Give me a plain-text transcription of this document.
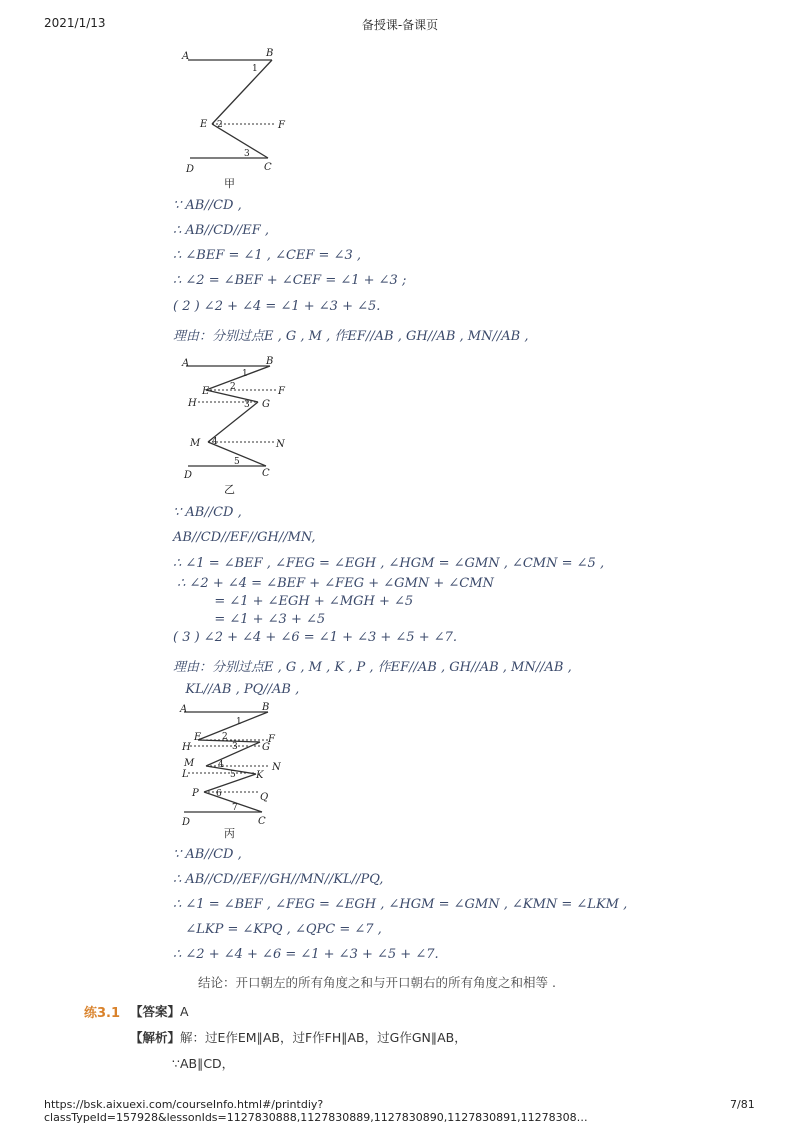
2021/1/13	备授课-备课页
A	B
E	F
D	C
1
2
3
甲
∵ AB//CD ,
∴ AB//CD//EF ,
∴ ∠BEF = ∠1 , ∠CEF = ∠3 ,
∴ ∠2 = ∠BEF + ∠CEF = ∠1 + ∠3 ;
( 2 ) ∠2 + ∠4 = ∠1 + ∠3 + ∠5.
理由：分别过点E , G , M , 作EF//AB , GH//AB , MN//AB ,
A	B
E	F
H	G
M	N
D	C
1
2
3
4
5
乙
∵ AB//CD ,
AB//CD//EF//GH//MN,
∴ ∠1 = ∠BEF , ∠FEG = ∠EGH , ∠HGM = ∠GMN , ∠CMN = ∠5 ,
∴ ∠2 + ∠4 = ∠BEF + ∠FEG + ∠GMN + ∠CMN
= ∠1 + ∠EGH + ∠MGH + ∠5
= ∠1 + ∠3 + ∠5
( 3 ) ∠2 + ∠4 + ∠6 = ∠1 + ∠3 + ∠5 + ∠7.
理由：分别过点E , G , M , K , P , 作EF//AB , GH//AB , MN//AB ,
KL//AB , PQ//AB ,
A	B
E	F
H	G
M	N
L	K
P	Q
D	C
1
2
3
4
5
6
7
丙
∵ AB//CD ,
∴ AB//CD//EF//GH//MN//KL//PQ,
∴ ∠1 = ∠BEF , ∠FEG = ∠EGH , ∠HGM = ∠GMN , ∠KMN = ∠LKM ,
∠LKP = ∠KPQ , ∠QPC = ∠7 ,
∴ ∠2 + ∠4 + ∠6 = ∠1 + ∠3 + ∠5 + ∠7.
结论：开口朝左的所有角度之和与开口朝右的所有角度之和相等 .
练3.1 【答案】A
【解析】解：过E作EM∥AB，过F作FH∥AB，过G作GN∥AB，
∵AB∥CD，
https://bsk.aixuexi.com/courseInfo.html#/printdiy?classTypeId=157928&lessonIds=1127830888,1127830889,1127830890,1127830891,11278308…
7/81
